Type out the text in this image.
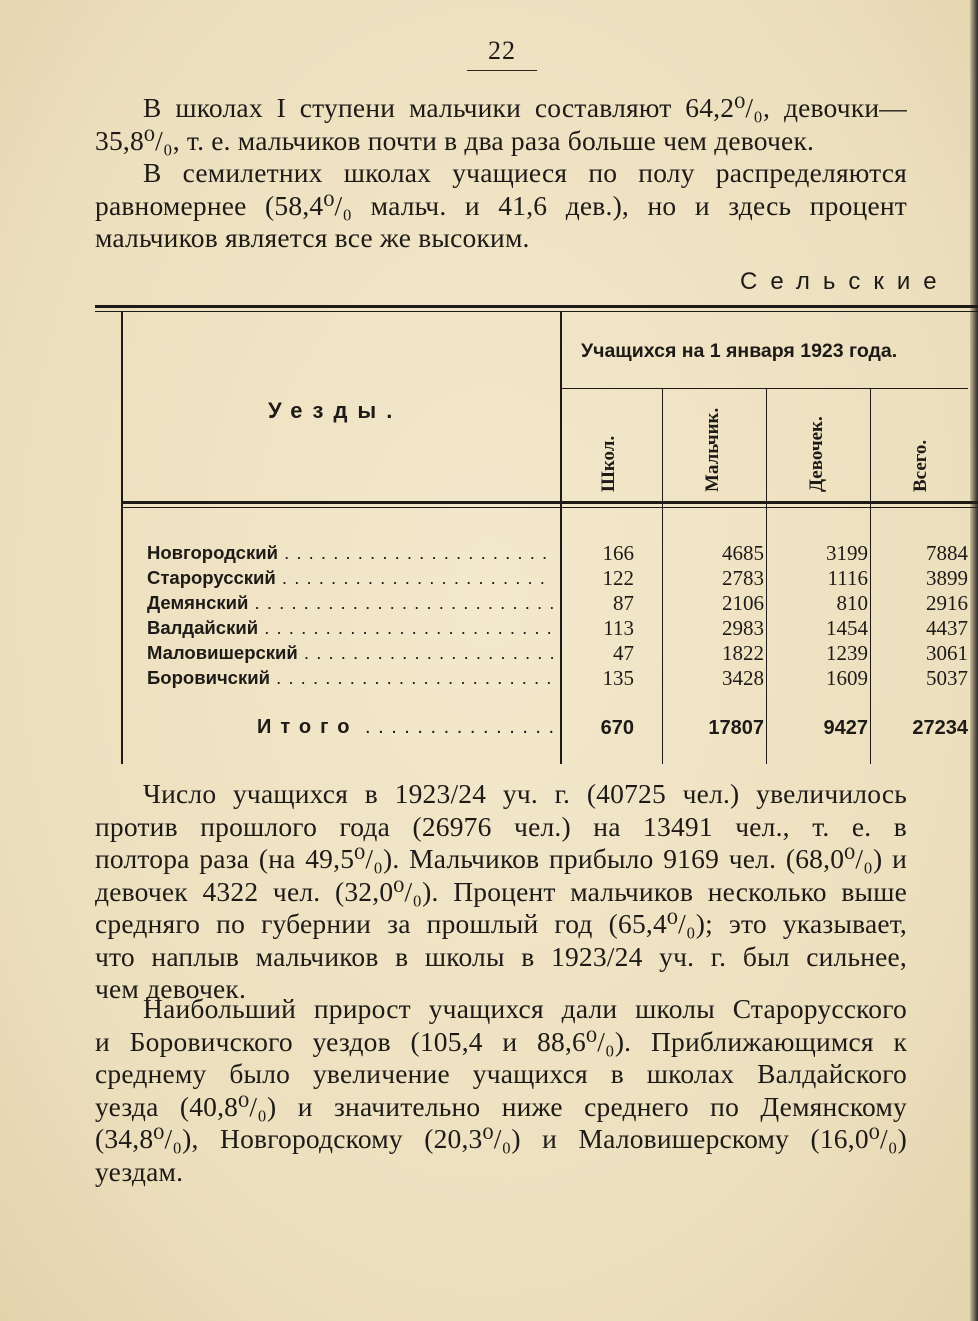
22

В школах I ступени мальчики составляют 64,2⁰/₀, девочки—
35,8⁰/₀, т. е. мальчиков почти в два раза больше чем девочек.

В семилетних школах учащиеся по полу распределяются
равномернее (58,4⁰/₀ мальч. и 41,6 дев.), но и здесь процент
мальчиков является все же высоким.

Сельские
Уезды.
Учащихся на 1 января 1923 года.
Школ.	Мальчик.	Девочек.	Всего.
Новгородский . . .	166	4685	3199	7884
Старорусский . . .	122	2783	1116	3899
Демянский . . .	87	2106	810	2916
Валдайский . . .	113	2983	1454	4437
Маловишерский . . .	47	1822	1239	3061
Боровичский . . .	135	3428	1609	5037
Итого . . .	670	17807	9427	27234

Число учащихся в 1923/24 уч. г. (40725 чел.) увеличилось
против прошлого года (26976 чел.) на 13491 чел., т. е. в
полтора раза (на 49,5⁰/₀). Мальчиков прибыло 9169 чел. (68,0⁰/₀) и
девочек 4322 чел. (32,0⁰/₀). Процент мальчиков несколько выше
средняго по губернии за прошлый год (65,4⁰/₀); это указывает,
что наплыв мальчиков в школы в 1923/24 уч. г. был сильнее,
чем девочек.

Наибольший прирост учащихся дали школы Старорусского
и Боровичского уездов (105,4 и 88,6⁰/₀). Приближающимся к
среднему было увеличение учащихся в школах Валдайского
уезда (40,8⁰/₀) и значительно ниже среднего по Демянскому
(34,8⁰/₀), Новгородскому (20,3⁰/₀) и Маловишерскому (16,0⁰/₀)
уездам.
